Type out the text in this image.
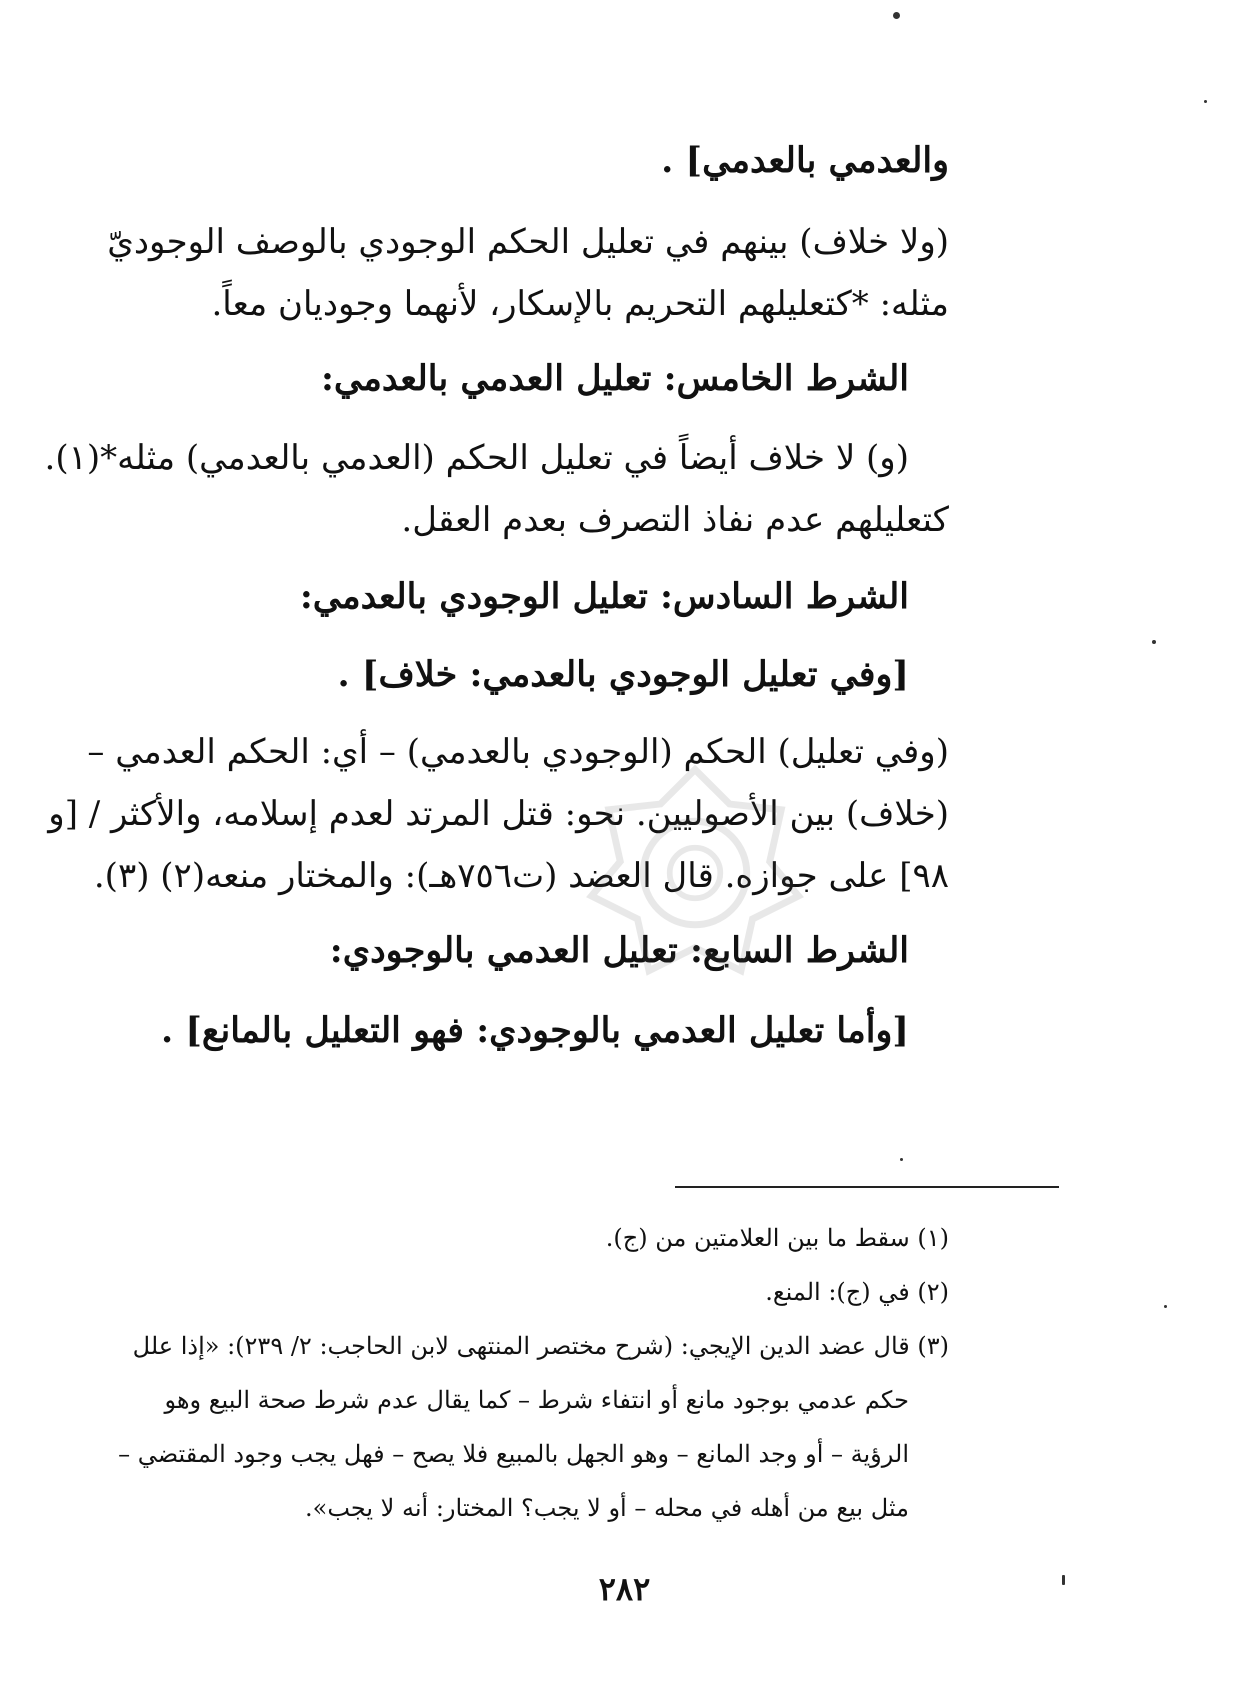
والعدمي بالعدمي] .
(ولا خلاف) بينهم في تعليل الحكم الوجودي بالوصف الوجوديّ
مثله: *كتعليلهم التحريم بالإسكار، لأنهما وجوديان معاً.
الشرط الخامس: تعليل العدمي بالعدمي:
(و) لا خلاف أيضاً في تعليل الحكم (العدمي بالعدمي) مثله*(١).
كتعليلهم عدم نفاذ التصرف بعدم العقل.
الشرط السادس: تعليل الوجودي بالعدمي:
[وفي تعليل الوجودي بالعدمي: خلاف] .
(وفي تعليل) الحكم (الوجودي بالعدمي) – أي: الحكم العدمي –
(خلاف) بين الأصوليين. نحو: قتل المرتد لعدم إسلامه، والأكثر / [و
٩٨] على جوازه. قال العضد (ت٧٥٦هـ): والمختار منعه(٢) (٣).
الشرط السابع: تعليل العدمي بالوجودي:
[وأما تعليل العدمي بالوجودي: فهو التعليل بالمانع] .
(١) سقط ما بين العلامتين من (ج).
(٢) في (ج): المنع.
(٣) قال عضد الدين الإيجي: (شرح مختصر المنتهى لابن الحاجب: ٢/ ٢٣٩): «إذا علل
حكم عدمي بوجود مانع أو انتفاء شرط – كما يقال عدم شرط صحة البيع وهو
الرؤية – أو وجد المانع – وهو الجهل بالمبيع فلا يصح – فهل يجب وجود المقتضي –
مثل بيع من أهله في محله – أو لا يجب؟ المختار: أنه لا يجب».
٢٨٢
